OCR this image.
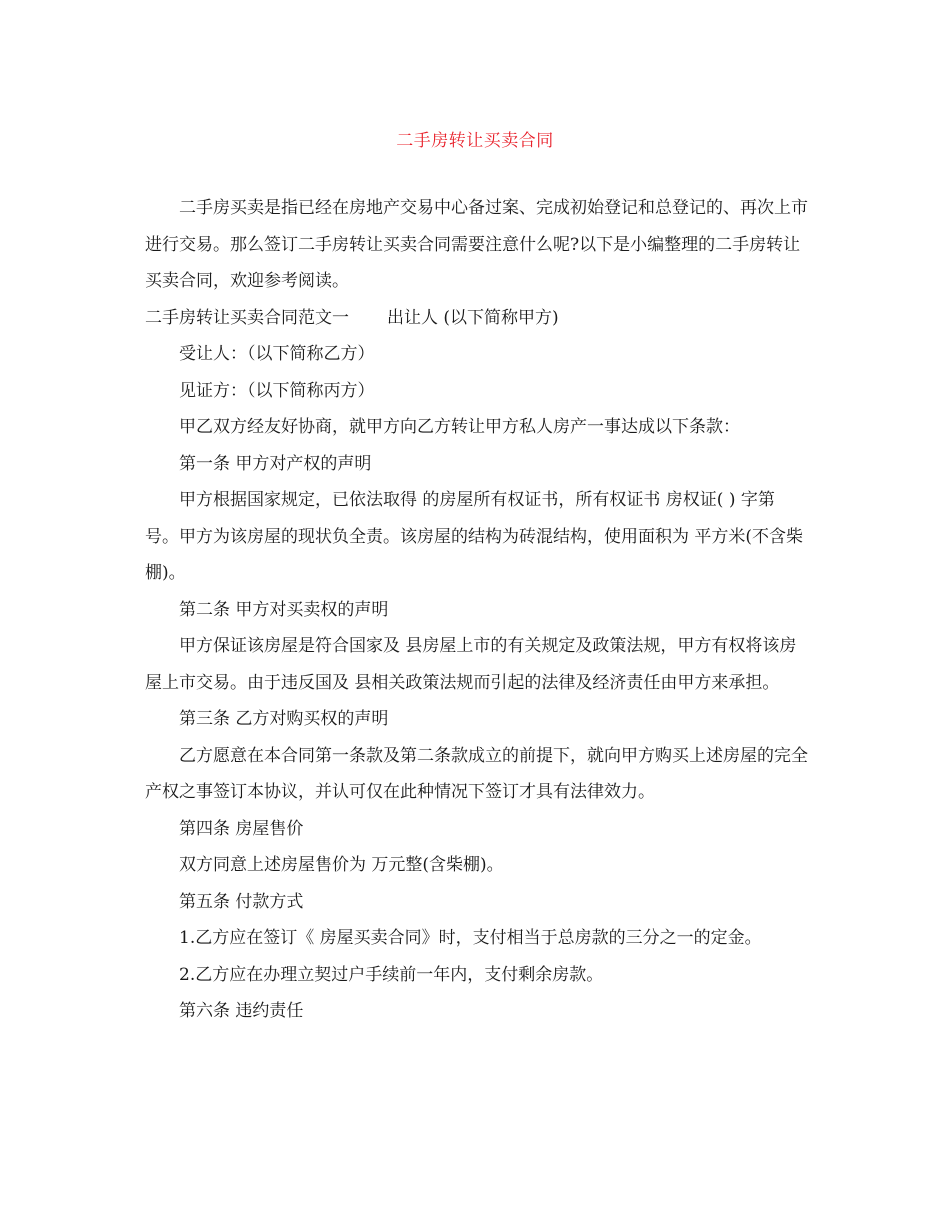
二手房转让买卖合同

二手房买卖是指已经在房地产交易中心备过案、完成初始登记和总登记的、再次上市进行交易。那么签订二手房转让买卖合同需要注意什么呢?以下是小编整理的二手房转让买卖合同，欢迎参考阅读。

二手房转让买卖合同范文一 出让人 (以下简称甲方)

受让人：（以下简称乙方）

见证方：（以下简称丙方）

甲乙双方经友好协商，就甲方向乙方转让甲方私人房产一事达成以下条款：

第一条 甲方对产权的声明

甲方根据国家规定，已依法取得 的房屋所有权证书，所有权证书 房权证( ) 字第 号。甲方为该房屋的现状负全责。该房屋的结构为砖混结构，使用面积为 平方米(不含柴棚)。

第二条 甲方对买卖权的声明

甲方保证该房屋是符合国家及 县房屋上市的有关规定及政策法规，甲方有权将该房屋上市交易。由于违反国及 县相关政策法规而引起的法律及经济责任由甲方来承担。

第三条 乙方对购买权的声明

乙方愿意在本合同第一条款及第二条款成立的前提下，就向甲方购买上述房屋的完全产权之事签订本协议，并认可仅在此种情况下签订才具有法律效力。

第四条 房屋售价

双方同意上述房屋售价为 万元整(含柴棚)。

第五条 付款方式

1.乙方应在签订《 房屋买卖合同》时，支付相当于总房款的三分之一的定金。

2.乙方应在办理立契过户手续前一年内，支付剩余房款。

第六条 违约责任
